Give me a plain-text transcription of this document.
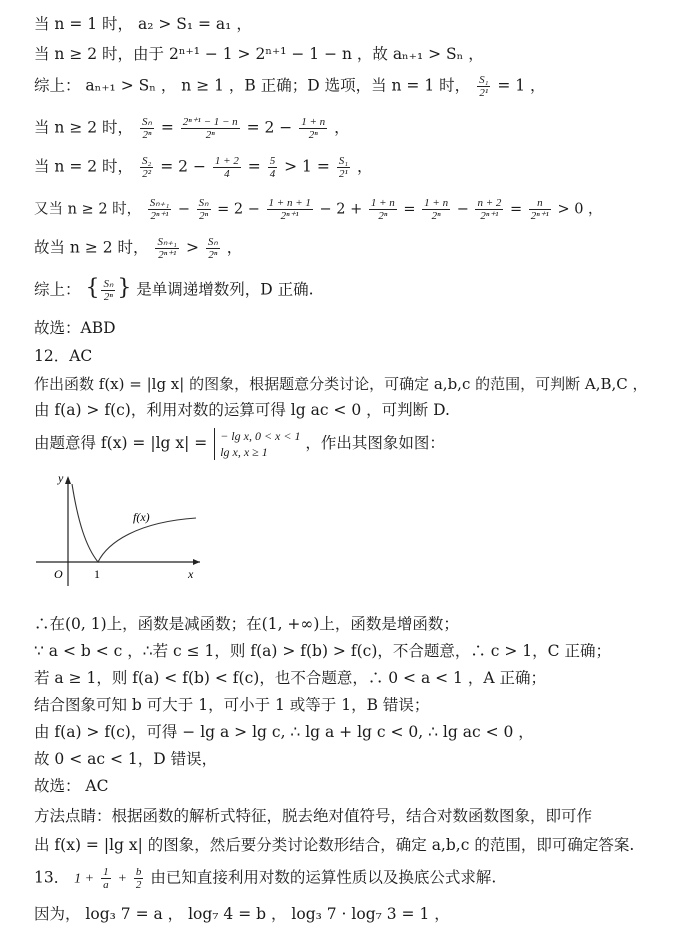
当 n = 1 时， a₂ > S₁ = a₁ ，
当 n ≥ 2 时，由于 2ⁿ⁺¹ − 1 > 2ⁿ⁺¹ − 1 − n ，故 aₙ₊₁ > Sₙ ，
综上： aₙ₊₁ > Sₙ ， n ≥ 1 ，B 正确；D 选项，当 n = 1 时， $\frac{\text{S₁}}{\text{2¹}} = 1$ ，
当 n ≥ 2 时， $\frac{\text{Sₙ}}{\text{2ⁿ}} = \frac{\text{2ⁿ⁺¹ − 1 − n}}{\text{2ⁿ}} = 2 - \frac{1 + n}{\text{2ⁿ}}$ ，
当 n = 2 时， $\frac{\text{S₂}}{\text{2²}} = 2 - \frac{1 + 2}{4} = \frac{5}{4} > 1 = \frac{\text{S₁}}{\text{2¹}}$ ，
又当 n ≥ 2 时， $\frac{\text{Sₙ₊₁}}{\text{2ⁿ⁺¹}} - \frac{\text{Sₙ}}{\text{2ⁿ}} = 2 - \frac{1 + n + 1}{\text{2ⁿ⁺¹}} - 2 + \frac{1 + n}{\text{2ⁿ}} = \frac{1 + n}{\text{2ⁿ}} - \frac{n + 2}{\text{2ⁿ⁺¹}} = \frac{n}{\text{2ⁿ⁺¹}} > 0$ ，
故当 n ≥ 2 时， $\frac{\text{Sₙ₊₁}}{\text{2ⁿ⁺¹}} > \frac{\text{Sₙ}}{\text{2ⁿ}}$ ，
综上： { $\frac{\text{Sₙ}}{\text{2ⁿ}}$ } 是单调递增数列，D 正确.
故选：ABD
12．AC
作出函数 f(x) = |lg x| 的图象，根据题意分类讨论，可确定 a,b,c 的范围，可判断 A,B,C ，
由 f(a) > f(c)，利用对数的运算可得 lg ac < 0 ，可判断 D.
由题意得 f(x) = |lg x| = − lg x, 0 < x < 1
lg x, x ≥ 1	，作出其图象如图：
y
x
O	1
f(x)
∴在(0, 1)上，函数是减函数；在(1, +∞)上，函数是增函数；
∵ a < b < c ，∴若 c ≤ 1，则 f(a) > f(b) > f(c)，不合题意，∴ c > 1，C 正确；
若 a ≥ 1，则 f(a) < f(b) < f(c)，也不合题意，∴ 0 < a < 1 ，A 正确；
结合图象可知 b 可大于 1，可小于 1 或等于 1，B 错误；
由 f(a) > f(c)，可得 − lg a > lg c, ∴ lg a + lg c < 0, ∴ lg ac < 0 ，
故 0 < ac < 1，D 错误，
故选： AC
方法点睛：根据函数的解析式特征，脱去绝对值符号，结合对数函数图象，即可作
出 f(x) = |lg x| 的图象，然后要分类讨论数形结合，确定 a,b,c 的范围，即可确定答案.
13． $1 + \frac{1}{a} + \frac{b}{2}$ 由已知直接利用对数的运算性质以及换底公式求解.
因为， log₃ 7 = a ， log₇ 4 = b ， log₃ 7 · log₇ 3 = 1 ，
